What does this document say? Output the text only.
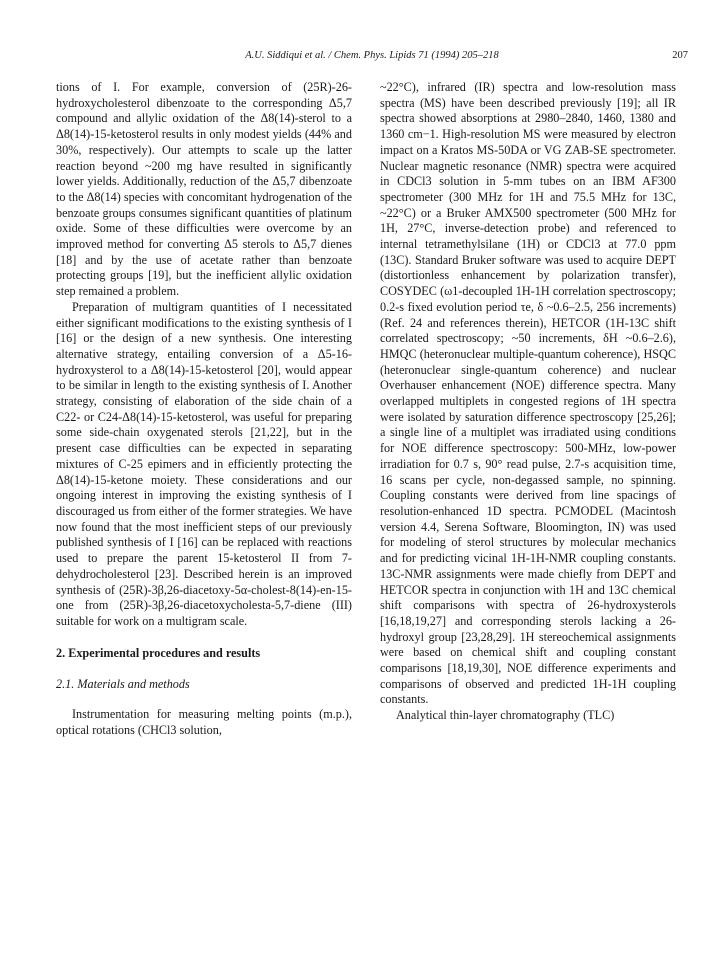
A.U. Siddiqui et al. / Chem. Phys. Lipids 71 (1994) 205–218	207

tions of I. For example, conversion of (25R)-26-hydroxycholesterol dibenzoate to the corresponding Δ5,7 compound and allylic oxidation of the Δ8(14)-sterol to a Δ8(14)-15-ketosterol results in only modest yields (44% and 30%, respectively). Our attempts to scale up the latter reaction beyond ~200 mg have resulted in significantly lower yields. Additionally, reduction of the Δ5,7 dibenzoate to the Δ8(14) species with concomitant hydrogenation of the benzoate groups consumes significant quantities of platinum oxide. Some of these difficulties were overcome by an improved method for converting Δ5 sterols to Δ5,7 dienes [18] and by the use of acetate rather than benzoate protecting groups [19], but the inefficient allylic oxidation step remained a problem.

Preparation of multigram quantities of I necessitated either significant modifications to the existing synthesis of I [16] or the design of a new synthesis. One interesting alternative strategy, entailing conversion of a Δ5-16-hydroxysterol to a Δ8(14)-15-ketosterol [20], would appear to be similar in length to the existing synthesis of I. Another strategy, consisting of elaboration of the side chain of a C22- or C24-Δ8(14)-15-ketosterol, was useful for preparing some side-chain oxygenated sterols [21,22], but in the present case difficulties can be expected in separating mixtures of C-25 epimers and in efficiently protecting the Δ8(14)-15-ketone moiety. These considerations and our ongoing interest in improving the existing synthesis of I discouraged us from either of the former strategies. We have now found that the most inefficient steps of our previously published synthesis of I [16] can be replaced with reactions used to prepare the parent 15-ketosterol II from 7-dehydrocholesterol [23]. Described herein is an improved synthesis of (25R)-3β,26-diacetoxy-5α-cholest-8(14)-en-15-one from (25R)-3β,26-diacetoxycholesta-5,7-diene (III) suitable for work on a multigram scale.

2. Experimental procedures and results
2.1. Materials and methods

Instrumentation for measuring melting points (m.p.), optical rotations (CHCl3 solution,

~22°C), infrared (IR) spectra and low-resolution mass spectra (MS) have been described previously [19]; all IR spectra showed absorptions at 2980–2840, 1460, 1380 and 1360 cm−1. High-resolution MS were measured by electron impact on a Kratos MS-50DA or VG ZAB-SE spectrometer. Nuclear magnetic resonance (NMR) spectra were acquired in CDCl3 solution in 5-mm tubes on an IBM AF300 spectrometer (300 MHz for 1H and 75.5 MHz for 13C, ~22°C) or a Bruker AMX500 spectrometer (500 MHz for 1H, 27°C, inverse-detection probe) and referenced to internal tetramethylsilane (1H) or CDCl3 at 77.0 ppm (13C). Standard Bruker software was used to acquire DEPT (distortionless enhancement by polarization transfer), COSYDEC (ω1-decoupled 1H-1H correlation spectroscopy; 0.2-s fixed evolution period τe, δ ~0.6–2.5, 256 increments) (Ref. 24 and references therein), HETCOR (1H-13C shift correlated spectroscopy; ~50 increments, δH ~0.6–2.6), HMQC (heteronuclear multiple-quantum coherence), HSQC (heteronuclear single-quantum coherence) and nuclear Overhauser enhancement (NOE) difference spectra. Many overlapped multiplets in congested regions of 1H spectra were isolated by saturation difference spectroscopy [25,26]; a single line of a multiplet was irradiated using conditions for NOE difference spectroscopy: 500-MHz, low-power irradiation for 0.7 s, 90° read pulse, 2.7-s acquisition time, 16 scans per cycle, non-degassed sample, no spinning. Coupling constants were derived from line spacings of resolution-enhanced 1D spectra. PCMODEL (Macintosh version 4.4, Serena Software, Bloomington, IN) was used for modeling of sterol structures by molecular mechanics and for predicting vicinal 1H-1H-NMR coupling constants. 13C-NMR assignments were made chiefly from DEPT and HETCOR spectra in conjunction with 1H and 13C chemical shift comparisons with spectra of 26-hydroxysterols [16,18,19,27] and corresponding sterols lacking a 26-hydroxyl group [23,28,29]. 1H stereochemical assignments were based on chemical shift and coupling constant comparisons [18,19,30], NOE difference experiments and comparisons of observed and predicted 1H-1H coupling constants.

Analytical thin-layer chromatography (TLC)
